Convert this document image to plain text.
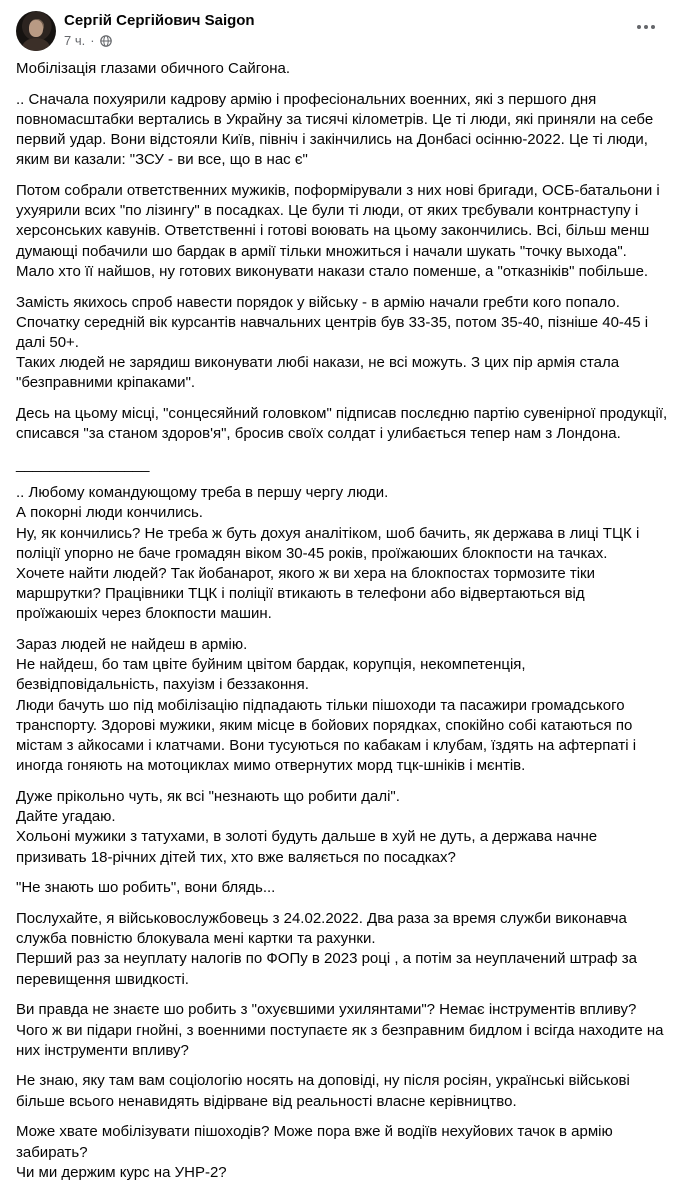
Сергій Сергійович Saigon
7 ч. ·

Мобілізація глазами обичного Сайгона.

.. Сначала похуярили кадрову армію і професіональних военних, які з першого дня повномасштабки вертались в Украйну за тисячі кілометрів. Це ті люди, які приняли на себе первий удар. Вони відстояли Київ, північ і закінчились на Донбасі осінню-2022. Це ті люди, яким ви казали: "ЗСУ - ви все, що в нас є"

Потом собрали ответственних мужиків, поформірували з них нові бригади, ОСБ-батальони і ухуярили всих "по лізингу" в посадках. Це були ті люди, от яких трєбували контрнаступу і херсонських кавунів. Ответственні і готові воювать на цьому закончились. Всі, більш менш думающі побачили шо бардак в армії тільки множиться і начали шукать "точку выхода". Мало хто її найшов, ну готових виконувати накази стало поменше, а "отказніків" побільше.

Замість якихось спроб навести порядок у війську - в армію начали гребти кого попало. Спочатку середній вік курсантів навчальних центрів був 33-35, потом 35-40, пізніше 40-45 і далі 50+.
Таких людей не зарядиш виконувати любі накази, не всі можуть. З цих пір армія стала "безправними кріпаками".

Десь на цьому місці, "сонцесяйний головком" підписав послєдню партію сувенірної продукції, списався "за станом здоров'я", бросив своїх солдат і улибається тепер нам з Лондона.

________________

.. Любому командующому треба в першу чергу люди.
А покорні люди кончились.
Ну, як кончились? Не треба ж буть дохуя аналітіком, шоб бачить, як держава в лиці ТЦК і поліції упорно не баче громадян віком 30-45 років, проїжаюших блокпости на тачках.
Хочете найти людей? Так йобанарот, якого ж ви хера на блокпостах тормозите тіки маршрутки? Працівники ТЦК і поліції втикають в телефони або відвертаються від проїжаюшіх через блокпости машин.

Зараз людей не найдеш в армію.
Не найдеш, бо там цвіте буйним цвітом бардак, корупція, некомпетенція, безвідповідальність, пахуізм і беззаконня.
Люди бачуть шо під мобілізацію підпадають тільки пішоходи та пасажири громадського транспорту. Здорові мужики, яким місце в бойових порядках, спокійно собі катаються по містам з айкосами і клатчами. Вони тусуються по кабакам і клубам, їздять на афтерпаті і иногда гоняють на мотоциклах мимо отвернутих морд тцк-шніків і мєнтів.

Дуже прікольно чуть, як всі "незнають що робити далі".
Дайте угадаю.
Хольоні мужики з татухами, в золоті будуть дальше в хуй не дуть, а держава начне призивать 18-річних дітей тих, хто вже валяється по посадках?

"Не знають шо робить", вони блядь...

Послухайте, я військовослужбовець з 24.02.2022. Два раза за время служби виконавча служба повністю блокувала мені картки та рахунки.
Перший раз за неуплату налогів по ФОПу в 2023 році , а потім за неуплачений штраф за перевищення швидкості.

Ви правда не знаєте шо робить з "охуєвшими ухилянтами"? Немає інструментів впливу? Чого ж ви підари гнойні, з военними поступаєте як з безправним бидлом і всігда находите на них інструменти впливу?

Не знаю, яку там вам соціологію носять на доповіді, ну після росіян, українські військові більше всього ненавидять відірване від реальності власне керівництво.

Може хвате мобілізувати пішоходів? Може пора вже й водіїв нехуйових тачок в армію забирать?
Чи ми держим курс на УНР-2?
